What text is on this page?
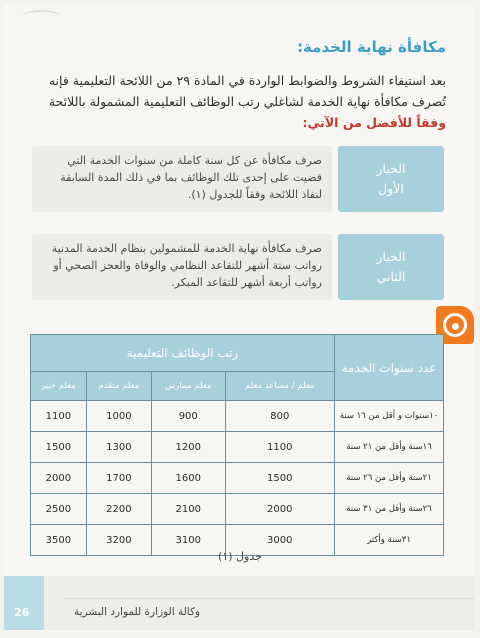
مكافأة نهاية الخدمة:

بعد استيفاء الشروط والضوابط الواردة في المادة ٢٩ من اللائحة التعليمية فإنه
تُصرف مكافأة نهاية الخدمة لشاغلي رتب الوظائف التعليمية المشمولة باللائحة
وفقاً للأفضل من الآتي:

الخيار
الأول
صرف مكافأة عن كل سنة كاملة من سنوات الخدمة التي قضيت على إحدى تلك الوظائف بما في ذلك المدة السابقة لنفاذ اللائحة وفقاً للجدول (١).
الخيار
الثاني
صرف مكافأة نهاية الخدمة للمشمولين بنظام الخدمة المدنية رواتب ستة أشهر للتقاعد النظامي والوفاة والعجز الصحي أو رواتب أربعة أشهر للتقاعد المبكر.
عدد سنوات الخدمة	رتب الوظائف التعليمية			
	معلم / مساعد معلم	معلم ممارس	معلم متقدم	معلم خبير
١٠سنوات و أقل من ١٦ سنة	800	900	1000	1100
١٦سنة وأقل من ٢١ سنة	1100	1200	1300	1500
٢١سنة وأقل من ٢٦ سنة	1500	1600	1700	2000
٢٦سنة وأقل من ٣١ سنة	2000	2100	2200	2500
٣١سنة وأكثر	3000	3100	3200	3500
جدول (١)
26	وكالة الوزارة للموارد البشرية
